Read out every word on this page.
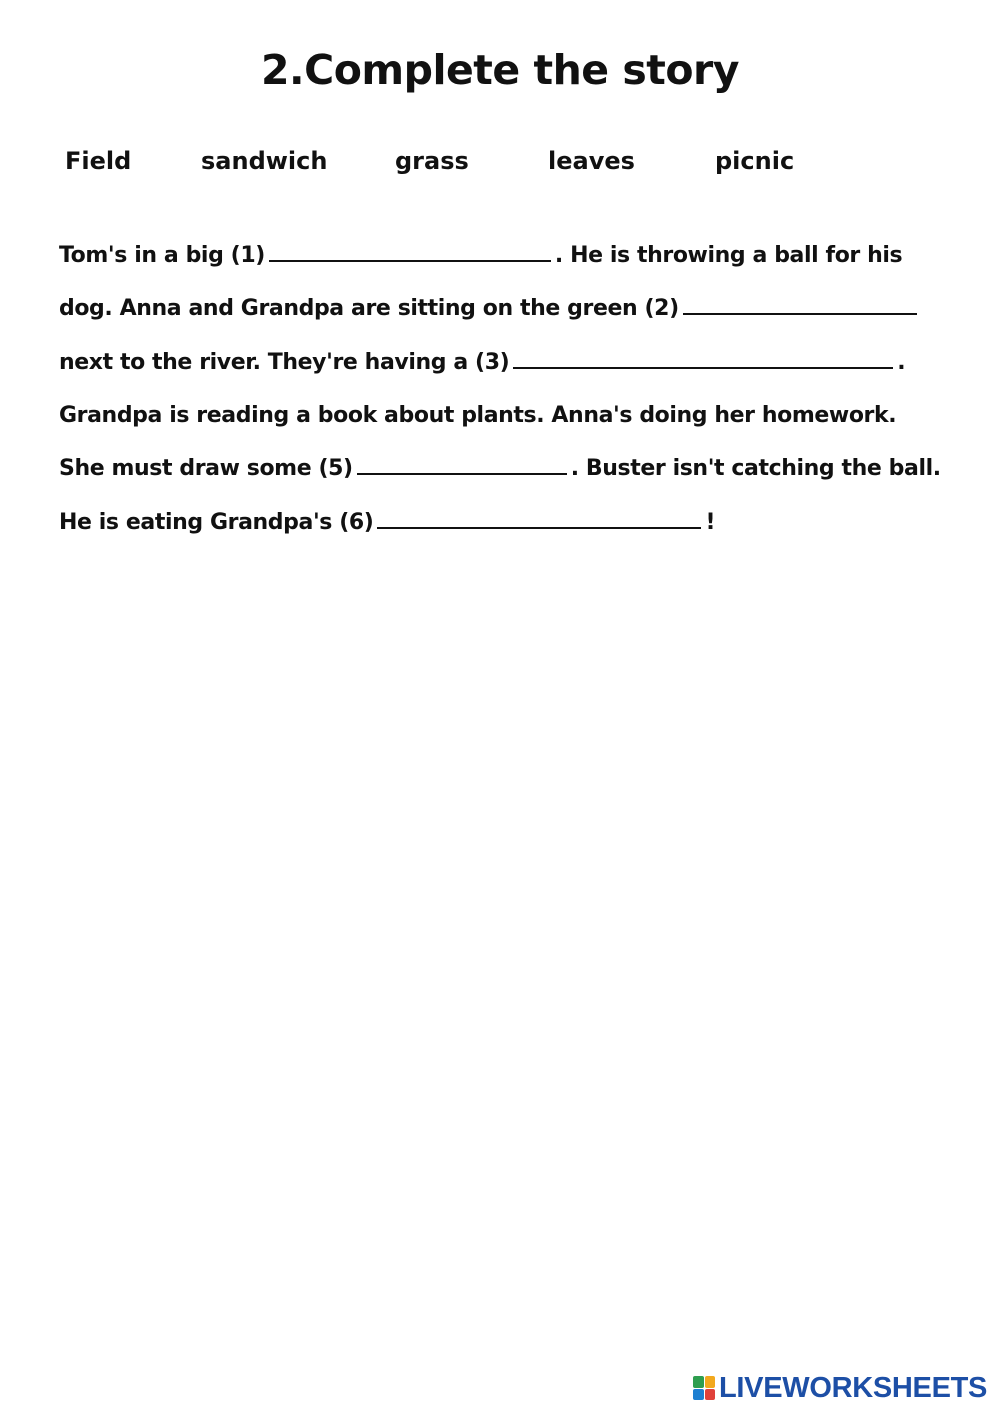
2.Complete the story
Field	sandwich	grass	leaves	picnic
Tom's in a big (1)	. He is throwing a ball for his
dog. Anna and Grandpa are sitting on the green (2)
next to the river. They're having a (3)	.
Grandpa is reading a book about plants. Anna's doing her homework.
She must draw some (5)	. Buster isn't catching the ball.
He is eating Grandpa's (6)	!
LIVEWORKSHEETS
